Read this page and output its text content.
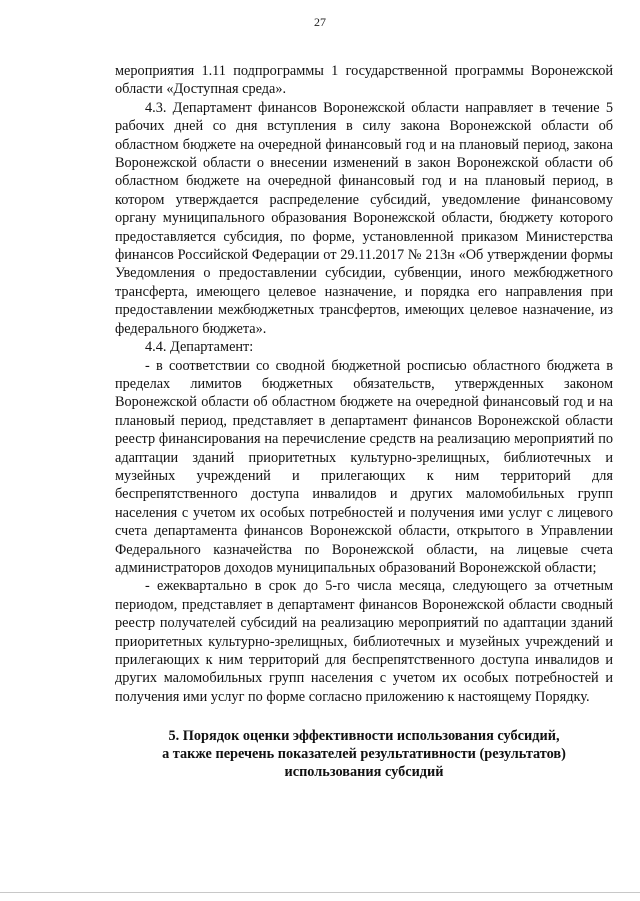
27

мероприятия 1.11 подпрограммы 1 государственной программы Воронежской области «Доступная среда».

4.3. Департамент финансов Воронежской области направляет в течение 5 рабочих дней со дня вступления в силу закона Воронежской области об областном бюджете на очередной финансовый год и на плановый период, закона Воронежской области о внесении изменений в закон Воронежской области об областном бюджете на очередной финансовый год и на плановый период, в котором утверждается распределение субсидий, уведомление финансовому органу муниципального образования Воронежской области, бюджету которого предоставляется субсидия, по форме, установленной приказом Министерства финансов Российской Федерации от 29.11.2017 № 213н «Об утверждении формы Уведомления о предоставлении субсидии, субвенции, иного межбюджетного трансферта, имеющего целевое назначение, и порядка его направления при предоставлении межбюджетных трансфертов, имеющих целевое назначение, из федерального бюджета».

4.4. Департамент:

- в соответствии со сводной бюджетной росписью областного бюджета в пределах лимитов бюджетных обязательств, утвержденных законом Воронежской области об областном бюджете на очередной финансовый год и на плановый период, представляет в департамент финансов Воронежской области реестр финансирования на перечисление средств на реализацию мероприятий по адаптации зданий приоритетных культурно-зрелищных, библиотечных и музейных учреждений и прилегающих к ним территорий для беспрепятственного доступа инвалидов и других маломобильных групп населения с учетом их особых потребностей и получения ими услуг с лицевого счета департамента финансов Воронежской области, открытого в Управлении Федерального казначейства по Воронежской области, на лицевые счета администраторов доходов муниципальных образований Воронежской области;

- ежеквартально в срок до 5-го числа месяца, следующего за отчетным периодом, представляет в департамент финансов Воронежской области сводный реестр получателей субсидий на реализацию мероприятий по адаптации зданий приоритетных культурно-зрелищных, библиотечных и музейных учреждений и прилегающих к ним территорий для беспрепятственного доступа инвалидов и других маломобильных групп населения с учетом их особых потребностей и получения ими услуг по форме согласно приложению к настоящему Порядку.

5. Порядок оценки эффективности использования субсидий,
а также перечень показателей результативности (результатов)
использования субсидий
